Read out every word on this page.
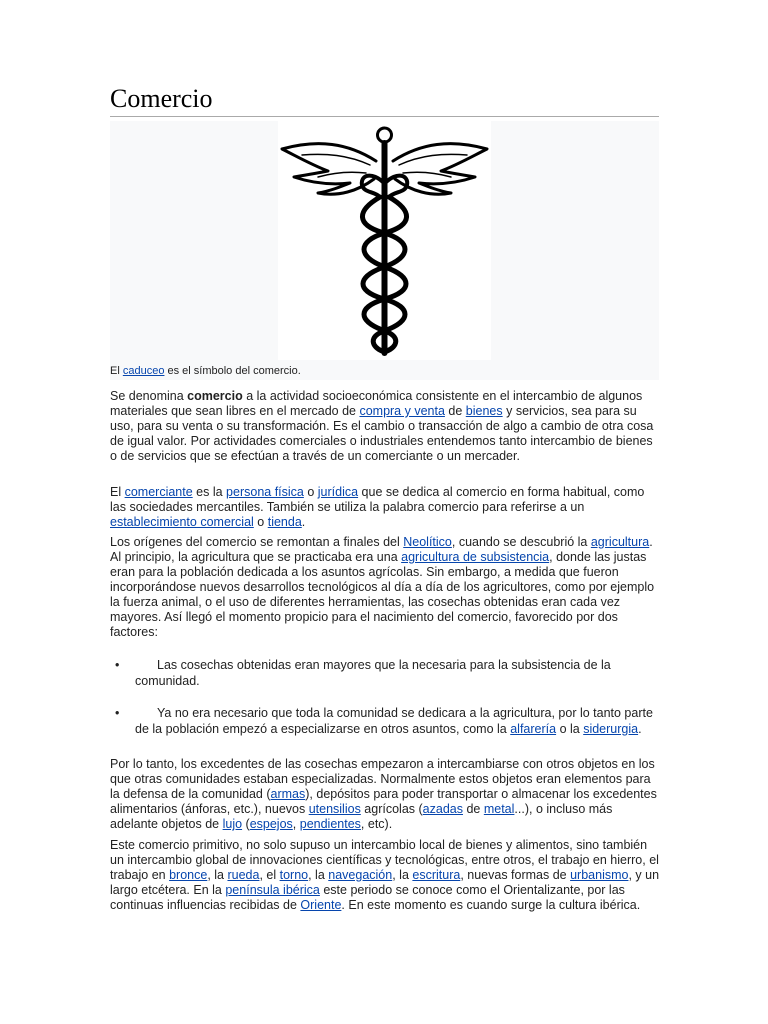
Comercio
El caduceo es el símbolo del comercio.

Se denomina comercio a la actividad socioeconómica consistente en el intercambio de algunos materiales que sean libres en el mercado de compra y venta de bienes y servicios, sea para su uso, para su venta o su transformación. Es el cambio o transacción de algo a cambio de otra cosa de igual valor. Por actividades comerciales o industriales entendemos tanto intercambio de bienes o de servicios que se efectúan a través de un comerciante o un mercader.

El comerciante es la persona física o jurídica que se dedica al comercio en forma habitual, como las sociedades mercantiles. También se utiliza la palabra comercio para referirse a un establecimiento comercial o tienda.

Los orígenes del comercio se remontan a finales del Neolítico, cuando se descubrió la agricultura. Al principio, la agricultura que se practicaba era una agricultura de subsistencia, donde las justas eran para la población dedicada a los asuntos agrícolas. Sin embargo, a medida que fueron incorporándose nuevos desarrollos tecnológicos al día a día de los agricultores, como por ejemplo la fuerza animal, o el uso de diferentes herramientas, las cosechas obtenidas eran cada vez mayores. Así llegó el momento propicio para el nacimiento del comercio, favorecido por dos factores:

•	Las cosechas obtenidas eran mayores que la necesaria para la subsistencia de la comunidad.
•	Ya no era necesario que toda la comunidad se dedicara a la agricultura, por lo tanto parte de la población empezó a especializarse en otros asuntos, como la alfarería o la siderurgia.

Por lo tanto, los excedentes de las cosechas empezaron a intercambiarse con otros objetos en los que otras comunidades estaban especializadas. Normalmente estos objetos eran elementos para la defensa de la comunidad (armas), depósitos para poder transportar o almacenar los excedentes alimentarios (ánforas, etc.), nuevos utensilios agrícolas (azadas de metal...), o incluso más adelante objetos de lujo (espejos, pendientes, etc).

Este comercio primitivo, no solo supuso un intercambio local de bienes y alimentos, sino también un intercambio global de innovaciones científicas y tecnológicas, entre otros, el trabajo en hierro, el trabajo en bronce, la rueda, el torno, la navegación, la escritura, nuevas formas de urbanismo, y un largo etcétera. En la península ibérica este periodo se conoce como el Orientalizante, por las continuas influencias recibidas de Oriente. En este momento es cuando surge la cultura ibérica.
